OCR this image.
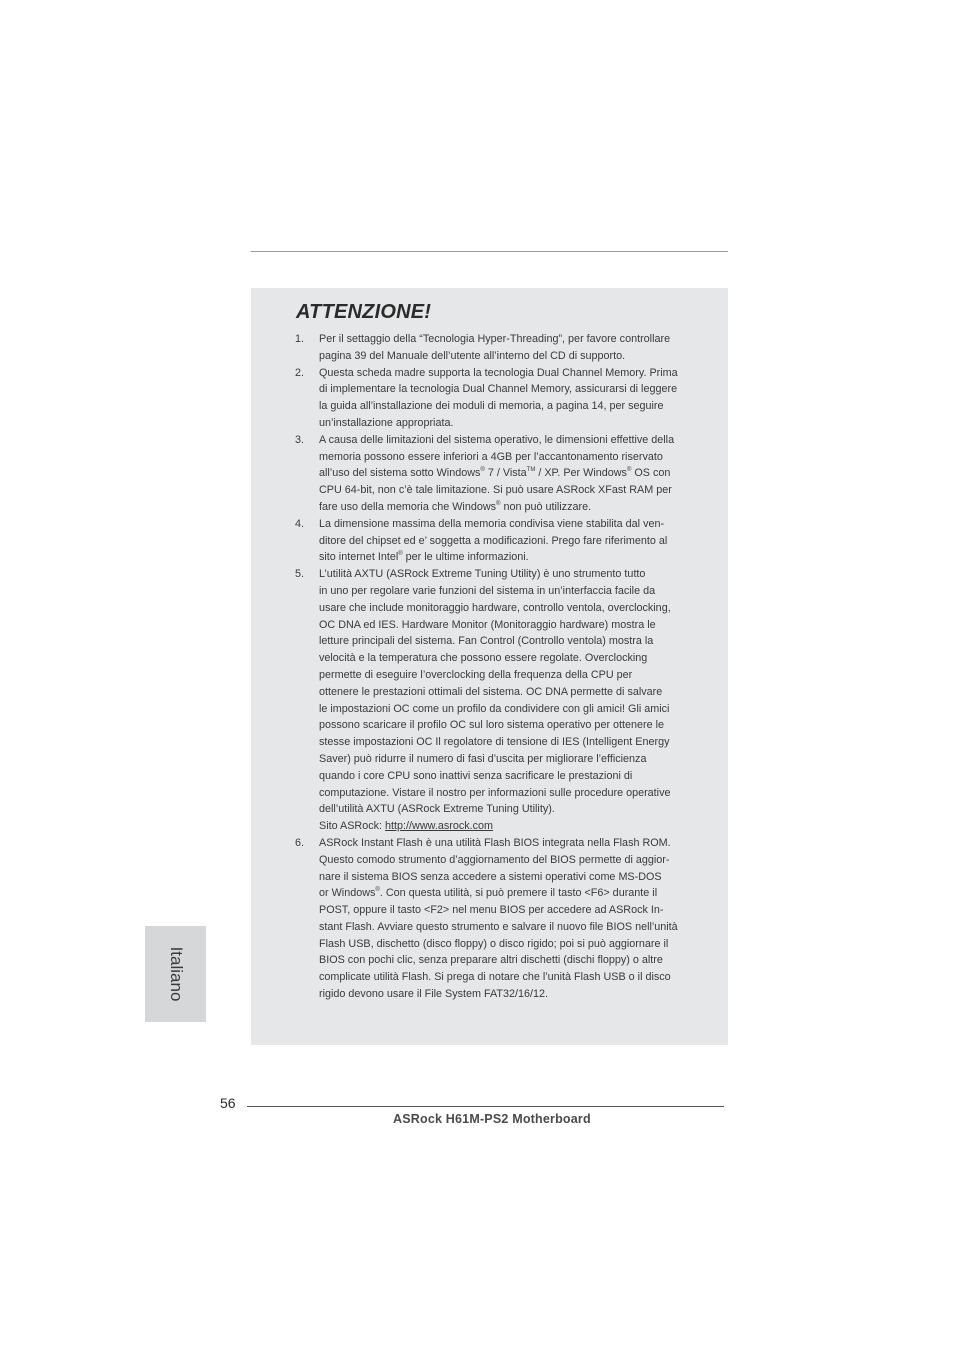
ATTENZIONE!
1. Per il settaggio della “Tecnologia Hyper-Threading”, per favore controllare
pagina 39 del Manuale dell’utente all’interno del CD di supporto.
2. Questa scheda madre supporta la tecnologia Dual Channel Memory. Prima
di implementare la tecnologia Dual Channel Memory, assicurarsi di leggere
la guida all’installazione dei moduli di memoria, a pagina 14, per seguire
un’installazione appropriata.
3. A causa delle limitazioni del sistema operativo, le dimensioni effettive della
memoria possono essere inferiori a 4GB per l’accantonamento riservato
all’uso del sistema sotto Windows® 7 / Vista™ / XP. Per Windows® OS con
CPU 64-bit, non c’è tale limitazione. Si può usare ASRock XFast RAM per
fare uso della memoria che Windows® non può utilizzare.
4. La dimensione massima della memoria condivisa viene stabilita dal ven-
ditore del chipset ed e’ soggetta a modificazioni. Prego fare riferimento al
sito internet Intel® per le ultime informazioni.
5. L’utilità AXTU (ASRock Extreme Tuning Utility) è uno strumento tutto
in uno per regolare varie funzioni del sistema in un’interfaccia facile da
usare che include monitoraggio hardware, controllo ventola, overclocking,
OC DNA ed IES. Hardware Monitor (Monitoraggio hardware) mostra le
letture principali del sistema. Fan Control (Controllo ventola) mostra la
velocità e la temperatura che possono essere regolate. Overclocking
permette di eseguire l’overclocking della frequenza della CPU per
ottenere le prestazioni ottimali del sistema. OC DNA permette di salvare
le impostazioni OC come un profilo da condividere con gli amici! Gli amici
possono scaricare il profilo OC sul loro sistema operativo per ottenere le
stesse impostazioni OC Il regolatore di tensione di IES (Intelligent Energy
Saver) può ridurre il numero di fasi d’uscita per migliorare l’efficienza
quando i core CPU sono inattivi senza sacrificare le prestazioni di
computazione. Vistare il nostro per informazioni sulle procedure operative
dell’utilità AXTU (ASRock Extreme Tuning Utility).
Sito ASRock: http://www.asrock.com
6. ASRock Instant Flash è una utilità Flash BIOS integrata nella Flash ROM.
Questo comodo strumento d’aggiornamento del BIOS permette di aggior-
nare il sistema BIOS senza accedere a sistemi operativi come MS-DOS
or Windows®. Con questa utilità, si può premere il tasto <F6> durante il
POST, oppure il tasto <F2> nel menu BIOS per accedere ad ASRock In-
stant Flash. Avviare questo strumento e salvare il nuovo file BIOS nell’unità
Flash USB, dischetto (disco floppy) o disco rigido; poi si può aggiornare il
BIOS con pochi clic, senza preparare altri dischetti (dischi floppy) o altre
complicate utilità Flash. Si prega di notare che l’unità Flash USB o il disco
rigido devono usare il File System FAT32/16/12.
Italiano
56
ASRock H61M-PS2 Motherboard
